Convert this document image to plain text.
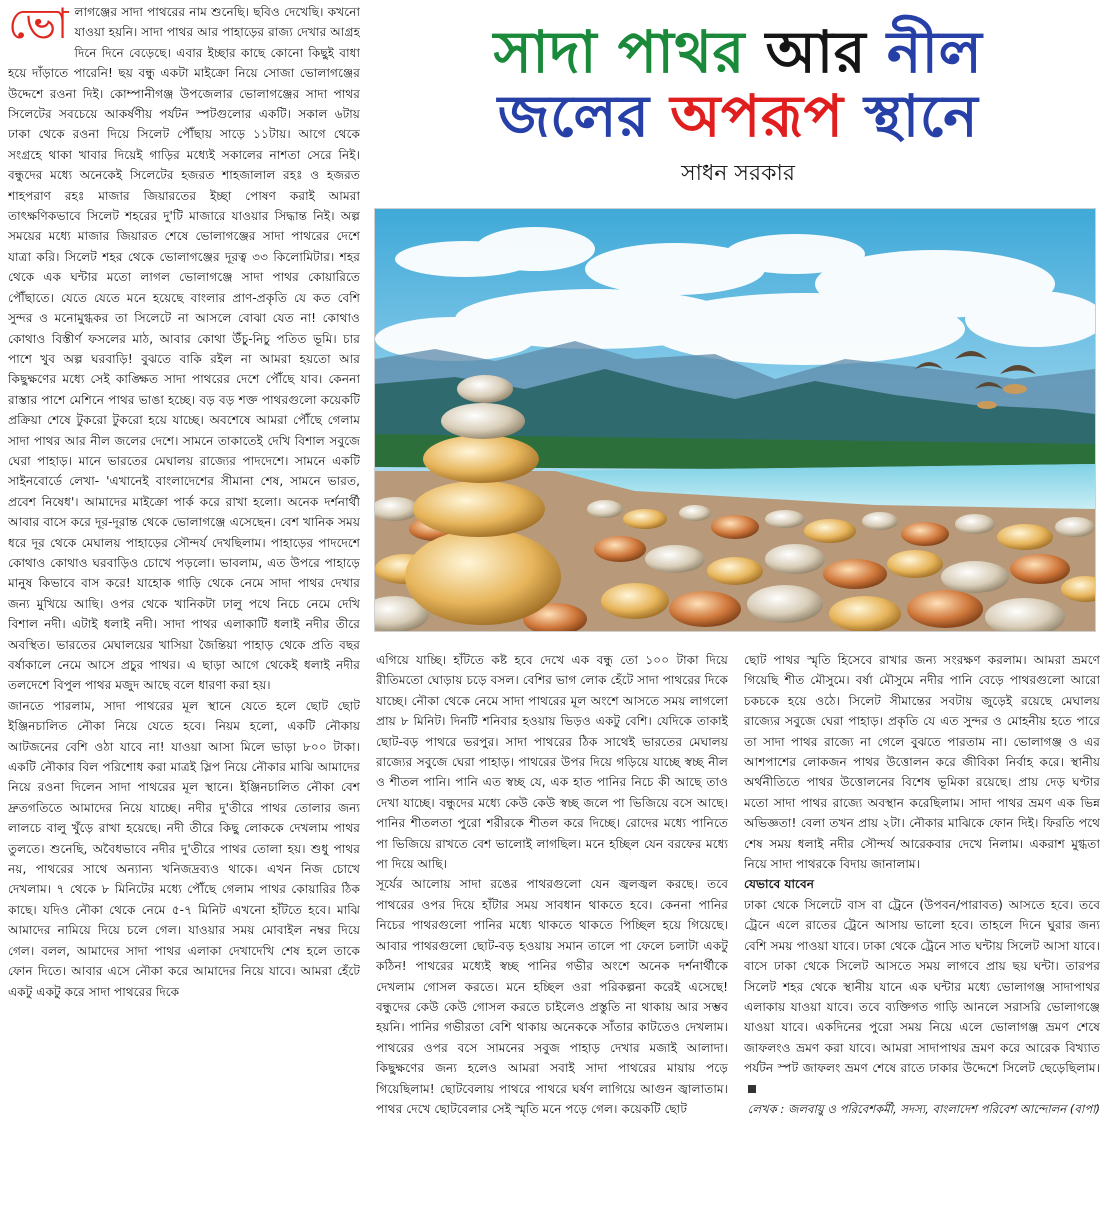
ভো লাগঞ্জের সাদা পাথরের নাম শুনেছি। ছবিও দেখেছি। কখনো যাওয়া হয়নি। সাদা পাথর আর পাহাড়ের রাজ্য দেখার আগ্রহ দিনে দিনে বেড়েছে। এবার ইচ্ছার কাছে কোনো কিছুই বাধা হয়ে দাঁড়াতে পারেনি! ছয় বন্ধু একটা মাইক্রো নিয়ে সোজা ভোলাগঞ্জের উদ্দেশে রওনা দিই। কোম্পানীগঞ্জ উপজেলার ভোলাগঞ্জের সাদা পাথর সিলেটের সবচেয়ে আকর্ষণীয় পর্যটন স্পটগুলোর একটি। সকাল ৬টায় ঢাকা থেকে রওনা দিয়ে সিলেট পৌঁছায় সাড়ে ১১টায়। আগে থেকে সংগ্রহে থাকা খাবার দিয়েই গাড়ির মধ্যেই সকালের নাশতা সেরে নিই। বন্ধুদের মধ্যে অনেকেই সিলেটের হজরত শাহজালাল রহঃ ও হজরত শাহপরাণ রহঃ মাজার জিয়ারতের ইচ্ছা পোষণ করাই আমরা তাৎক্ষণিকভাবে সিলেট শহরের দু'টি মাজারে যাওয়ার সিদ্ধান্ত নিই। অল্প সময়ের মধ্যে মাজার জিয়ারত শেষে ভোলাগঞ্জের সাদা পাথরের দেশে যাত্রা করি। সিলেট শহর থেকে ভোলাগঞ্জের দূরত্ব ৩৩ কিলোমিটার। শহর থেকে এক ঘন্টার মতো লাগল ভোলাগঞ্জে সাদা পাথর কোয়ারিতে পৌঁছাতে। যেতে যেতে মনে হয়েছে বাংলার প্রাণ-প্রকৃতি যে কত বেশি সুন্দর ও মনোমুগ্ধকর তা সিলেটে না আসলে বোঝা যেত না! কোথাও কোথাও বিস্তীর্ণ ফসলের মাঠ, আবার কোথা উঁচু-নিচু পতিত ভূমি। চার পাশে খুব অল্প ঘরবাড়ি! বুঝতে বাকি রইল না আমরা হয়তো আর কিছুক্ষণের মধ্যে সেই কাঙ্ক্ষিত সাদা পাথরের দেশে পৌঁছে যাব। কেননা রাস্তার পাশে মেশিনে পাথর ভাঙা হচ্ছে। বড় বড় শক্ত পাথরগুলো কয়েকটি প্রক্রিয়া শেষে টুকরো টুকরো হয়ে যাচ্ছে। অবশেষে আমরা পৌঁছে গেলাম সাদা পাথর আর নীল জলের দেশে। সামনে তাকাতেই দেখি বিশাল সবুজে ঘেরা পাহাড়। মানে ভারতের মেঘালয় রাজ্যের পাদদেশে। সামনে একটি সাইনবোর্ডে লেখা- 'এখানেই বাংলাদেশের সীমানা শেষ, সামনে ভারত, প্রবেশ নিষেধ'। আমাদের মাইক্রো পার্ক করে রাখা হলো। অনেক দর্শনার্থী আবার বাসে করে দূর-দূরান্ত থেকে ভোলাগঞ্জে এসেছেন। বেশ খানিক সময় ধরে দূর থেকে মেঘালয় পাহাড়ের সৌন্দর্য দেখছিলাম। পাহাড়ের পাদদেশে কোথাও কোথাও ঘরবাড়িও চোখে পড়লো। ভাবলাম, এত উপরে পাহাড়ে মানুষ কিভাবে বাস করে! যাহোক গাড়ি থেকে নেমে সাদা পাথর দেখার জন্য মুখিয়ে আছি। ওপর থেকে খানিকটা ঢালু পথে নিচে নেমে দেখি বিশাল নদী। এটাই ধলাই নদী। সাদা পাথর এলাকাটি ধলাই নদীর তীরে অবস্থিত। ভারতের মেঘালয়ের খাসিয়া জৈন্তিয়া পাহাড় থেকে প্রতি বছর বর্ষাকালে নেমে আসে প্রচুর পাথর। এ ছাড়া আগে থেকেই ধলাই নদীর তলদেশে বিপুল পাথর মজুদ আছে বলে ধারণা করা হয়।

জানতে পারলাম, সাদা পাথরের মূল স্থানে যেতে হলে ছোট ছোট ইঞ্জিনচালিত নৌকা নিয়ে যেতে হবে। নিয়ম হলো, একটি নৌকায় আটজনের বেশি ওঠা যাবে না! যাওয়া আসা মিলে ভাড়া ৮০০ টাকা। একটি নৌকার বিল পরিশোধ করা মাত্রই স্লিপ নিয়ে নৌকার মাঝি আমাদের নিয়ে রওনা দিলেন সাদা পাথরের মূল স্থানে। ইঞ্জিনচালিত নৌকা বেশ দ্রুতগতিতে আমাদের নিয়ে যাচ্ছে। নদীর দু'তীরে পাথর তোলার জন্য লালচে বালু খুঁড়ে রাখা হয়েছে। নদী তীরে কিছু লোককে দেখলাম পাথর তুলতে। শুনেছি, অবৈধভাবে নদীর দু'তীরে পাথর তোলা হয়। শুধু পাথর নয়, পাথরের সাথে অন্যান্য খনিজদ্রব্যও থাকে। এখন নিজ চোখে দেখলাম। ৭ থেকে ৮ মিনিটের মধ্যে পৌঁছে গেলাম পাথর কোয়ারির ঠিক কাছে। যদিও নৌকা থেকে নেমে ৫-৭ মিনিট এখনো হাঁটতে হবে। মাঝি আমাদের নামিয়ে দিয়ে চলে গেল। যাওয়ার সময় মোবাইল নম্বর দিয়ে গেল। বলল, আমাদের সাদা পাথর এলাকা দেখাদেখি শেষ হলে তাকে ফোন দিতে। আবার এসে নৌকা করে আমাদের নিয়ে যাবে। আমরা হেঁটে একটু একটু করে সাদা পাথরের দিকে

সাদা পাথর আর নীল
জলের অপরূপ স্থানে
সাধন সরকার

এগিয়ে যাচ্ছি। হাঁটতে কষ্ট হবে দেখে এক বন্ধু তো ১০০ টাকা দিয়ে রীতিমতো ঘোড়ায় চড়ে বসল। বেশির ভাগ লোক হেঁটে সাদা পাথরের দিকে যাচ্ছে। নৌকা থেকে নেমে সাদা পাথরের মূল অংশে আসতে সময় লাগলো প্রায় ৮ মিনিট। দিনটি শনিবার হওয়ায় ভিড়ও একটু বেশি। যেদিকে তাকাই ছোট-বড় পাথরে ভরপুর। সাদা পাথরের ঠিক সাথেই ভারতের মেঘালয় রাজ্যের সবুজে ঘেরা পাহাড়। পাথরের উপর দিয়ে গড়িয়ে যাচ্ছে স্বচ্ছ নীল ও শীতল পানি। পানি এত স্বচ্ছ যে, এক হাত পানির নিচে কী আছে তাও দেখা যাচ্ছে। বন্ধুদের মধ্যে কেউ কেউ স্বচ্ছ জলে পা ভিজিয়ে বসে আছে। পানির শীতলতা পুরো শরীরকে শীতল করে দিচ্ছে। রোদের মধ্যে পানিতে পা ভিজিয়ে রাখতে বেশ ভালোই লাগছিল। মনে হচ্ছিল যেন বরফের মধ্যে পা দিয়ে আছি।

সূর্যের আলোয় সাদা রঙের পাথরগুলো যেন জ্বলজ্বল করছে। তবে পাথরের ওপর দিয়ে হাঁটার সময় সাবধান থাকতে হবে। কেননা পানির নিচের পাথরগুলো পানির মধ্যে থাকতে থাকতে পিচ্ছিল হয়ে গিয়েছে। আবার পাথরগুলো ছোট-বড় হওয়ায় সমান তালে পা ফেলে চলাটা একটু কঠিন! পাথরের মধ্যেই স্বচ্ছ পানির গভীর অংশে অনেক দর্শনার্থীকে দেখলাম গোসল করতে। মনে হচ্ছিল ওরা পরিকল্পনা করেই এসেছে! বন্ধুদের কেউ কেউ গোসল করতে চাইলেও প্রস্তুতি না থাকায় আর সম্ভব হয়নি। পানির গভীরতা বেশি থাকায় অনেককে সাঁতার কাটতেও দেখলাম। পাথরের ওপর বসে সামনের সবুজ পাহাড় দেখার মজাই আলাদা। কিছুক্ষণের জন্য হলেও আমরা সবাই সাদা পাথরের মায়ায় পড়ে গিয়েছিলাম! ছোটবেলায় পাথরে পাথরে ঘর্ষণ লাগিয়ে আগুন জ্বালাতাম। পাথর দেখে ছোটবেলার সেই স্মৃতি মনে পড়ে গেল। কয়েকটি ছোট

ছোট পাথর স্মৃতি হিসেবে রাখার জন্য সংরক্ষণ করলাম। আমরা ভ্রমণে গিয়েছি শীত মৌসুমে। বর্ষা মৌসুমে নদীর পানি বেড়ে পাথরগুলো আরো চকচকে হয়ে ওঠে। সিলেট সীমান্তের সবটায় জুড়েই রয়েছে মেঘালয় রাজ্যের সবুজে ঘেরা পাহাড়। প্রকৃতি যে এত সুন্দর ও মোহনীয় হতে পারে তা সাদা পাথর রাজ্যে না গেলে বুঝতে পারতাম না। ভোলাগঞ্জ ও এর আশপাশের লোকজন পাথর উত্তোলন করে জীবিকা নির্বাহ করে। স্থানীয় অর্থনীতিতে পাথর উত্তোলনের বিশেষ ভূমিকা রয়েছে। প্রায় দেড় ঘণ্টার মতো সাদা পাথর রাজ্যে অবস্থান করেছিলাম। সাদা পাথর ভ্রমণ এক ভিন্ন অভিজ্ঞতা! বেলা তখন প্রায় ২টা। নৌকার মাঝিকে ফোন দিই। ফিরতি পথে শেষ সময় ধলাই নদীর সৌন্দর্য আরেকবার দেখে নিলাম। একরাশ মুগ্ধতা নিয়ে সাদা পাথরকে বিদায় জানালাম।

যেভাবে যাবেন

ঢাকা থেকে সিলেটে বাস বা ট্রেনে (উপবন/পারাবত) আসতে হবে। তবে ট্রেনে এলে রাতের ট্রেনে আসায় ভালো হবে। তাহলে দিনে ঘুরার জন্য বেশি সময় পাওয়া যাবে। ঢাকা থেকে ট্রেনে সাত ঘন্টায় সিলেট আসা যাবে। বাসে ঢাকা থেকে সিলেট আসতে সময় লাগবে প্রায় ছয় ঘন্টা। তারপর সিলেট শহর থেকে স্থানীয় যানে এক ঘন্টার মধ্যে ভোলাগঞ্জ সাদাপাথর এলাকায় যাওয়া যাবে। তবে ব্যক্তিগত গাড়ি আনলে সরাসরি ভোলাগঞ্জে যাওয়া যাবে। একদিনের পুরো সময় নিয়ে এলে ভোলাগঞ্জ ভ্রমণ শেষে জাফলংও ভ্রমণ করা যাবে। আমরা সাদাপাথর ভ্রমণ করে আরেক বিখ্যাত পর্যটন স্পট জাফলং ভ্রমণ শেষে রাতে ঢাকার উদ্দেশে সিলেট ছেড়েছিলাম।

লেখক : জলবায়ু ও পরিবেশকর্মী, সদস্য, বাংলাদেশ পরিবেশ আন্দোলন (বাপা)
